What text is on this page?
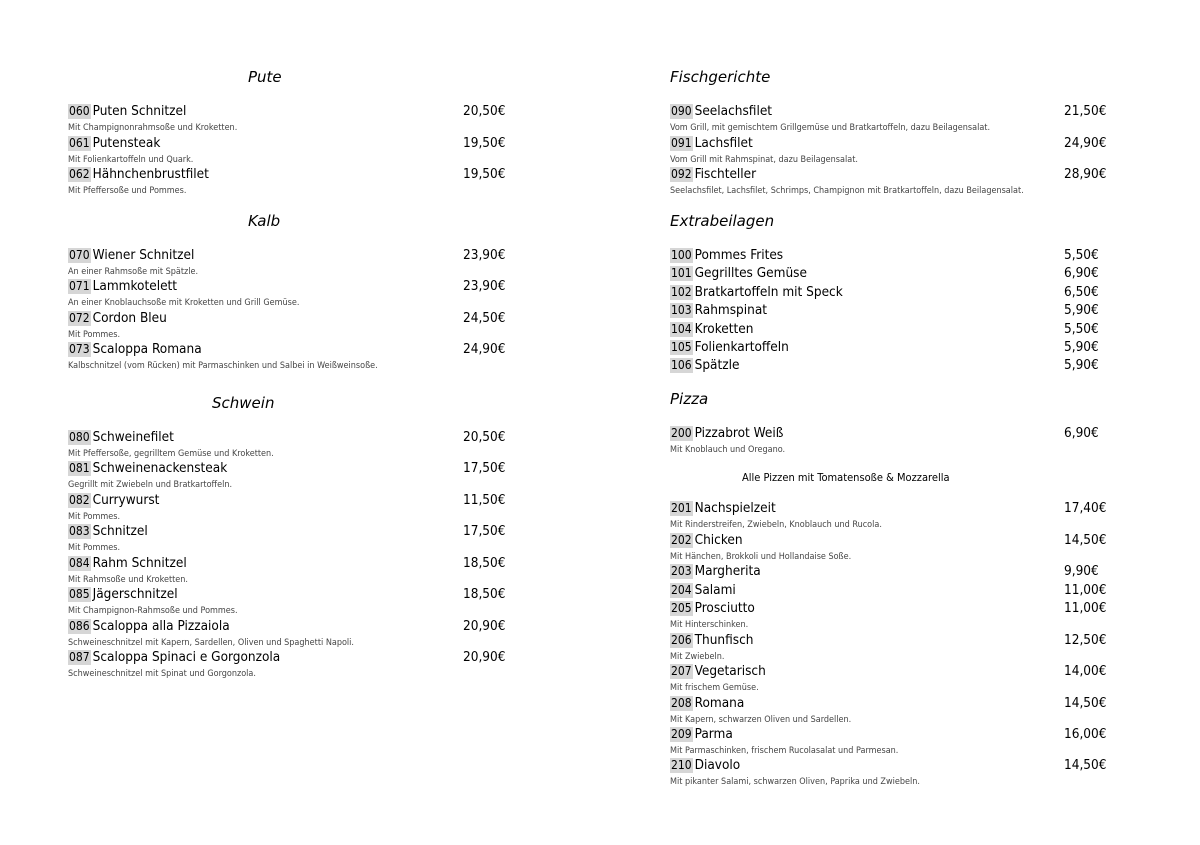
Pute
060 $^{Puten Schnitzel}$	20,50€
Mit Champignonrahmsoße und Kroketten.
061 $^{Putensteak}$	19,50€
Mit Folienkartoffeln und Quark.
062 $^{Hähnchenbrustfilet}$	19,50€
Mit Pfeffersoße und Pommes.
Kalb
070 $^{Wiener Schnitzel}$	23,90€
An einer Rahmsoße mit Spätzle.
071 $^{Lammkotelett}$	23,90€
An einer Knoblauchsoße mit Kroketten und Grill Gemüse.
072 $^{Cordon Bleu}$	24,50€
Mit Pommes.
073 $^{Scaloppa Romana}$	24,90€
Kalbschnitzel (vom Rücken) mit Parmaschinken und Salbei in Weißweinsoße.
Schwein
080 $^{Schweinefilet}$	20,50€
Mit Pfeffersoße, gegrilltem Gemüse und Kroketten.
081 $^{Schweinenackensteak}$	17,50€
Gegrillt mit Zwiebeln und Bratkartoffeln.
082 $^{Currywurst}$	11,50€
Mit Pommes.
083 $^{Schnitzel}$	17,50€
Mit Pommes.
084 $^{Rahm Schnitzel}$	18,50€
Mit Rahmsoße und Kroketten.
085 $^{Jägerschnitzel}$	18,50€
Mit Champignon-Rahmsoße und Pommes.
086 $^{Scaloppa alla Pizzaiola}$	20,90€
Schweineschnitzel mit Kapern, Sardellen, Oliven und Spaghetti Napoli.
087 $^{Scaloppa Spinaci e Gorgonzola}$	20,90€
Schweineschnitzel mit Spinat und Gorgonzola.
Fischgerichte
090 $^{Seelachsfilet}$	21,50€
Vom Grill, mit gemischtem Grillgemüse und Bratkartoffeln, dazu Beilagensalat.
091 $^{Lachsfilet}$	24,90€
Vom Grill mit Rahmspinat, dazu Beilagensalat.
092 $^{Fischteller}$	28,90€
Seelachsfilet, Lachsfilet, Schrimps, Champignon mit Bratkartoffeln, dazu Beilagensalat.
Extrabeilagen
100 $^{Pommes Frites}$	5,50€
101 $^{Gegrilltes Gemüse}$	6,90€
102 $^{Bratkartoffeln mit Speck}$	6,50€
103 $^{Rahmspinat}$	5,90€
104 $^{Kroketten}$	5,50€
105 $^{Folienkartoffeln}$	5,90€
106 $^{Spätzle}$	5,90€
Pizza
200 $^{Pizzabrot Weiß}$	6,90€
Mit Knoblauch und Oregano.
Alle Pizzen mit Tomatensoße & Mozzarella
201 $^{Nachspielzeit}$	17,40€
Mit Rinderstreifen, Zwiebeln, Knoblauch und Rucola.
202 $^{Chicken}$	14,50€
Mit Hänchen, Brokkoli und Hollandaise Soße.
203 $^{Margherita}$	9,90€
204 $^{Salami}$	11,00€
205 $^{Prosciutto}$	11,00€
Mit Hinterschinken.
206 $^{Thunfisch}$	12,50€
Mit Zwiebeln.
207 $^{Vegetarisch}$	14,00€
Mit frischem Gemüse.
208 $^{Romana}$	14,50€
Mit Kapern, schwarzen Oliven und Sardellen.
209 $^{Parma}$	16,00€
Mit Parmaschinken, frischem Rucolasalat und Parmesan.
210 $^{Diavolo}$	14,50€
Mit pikanter Salami, schwarzen Oliven, Paprika und Zwiebeln.
